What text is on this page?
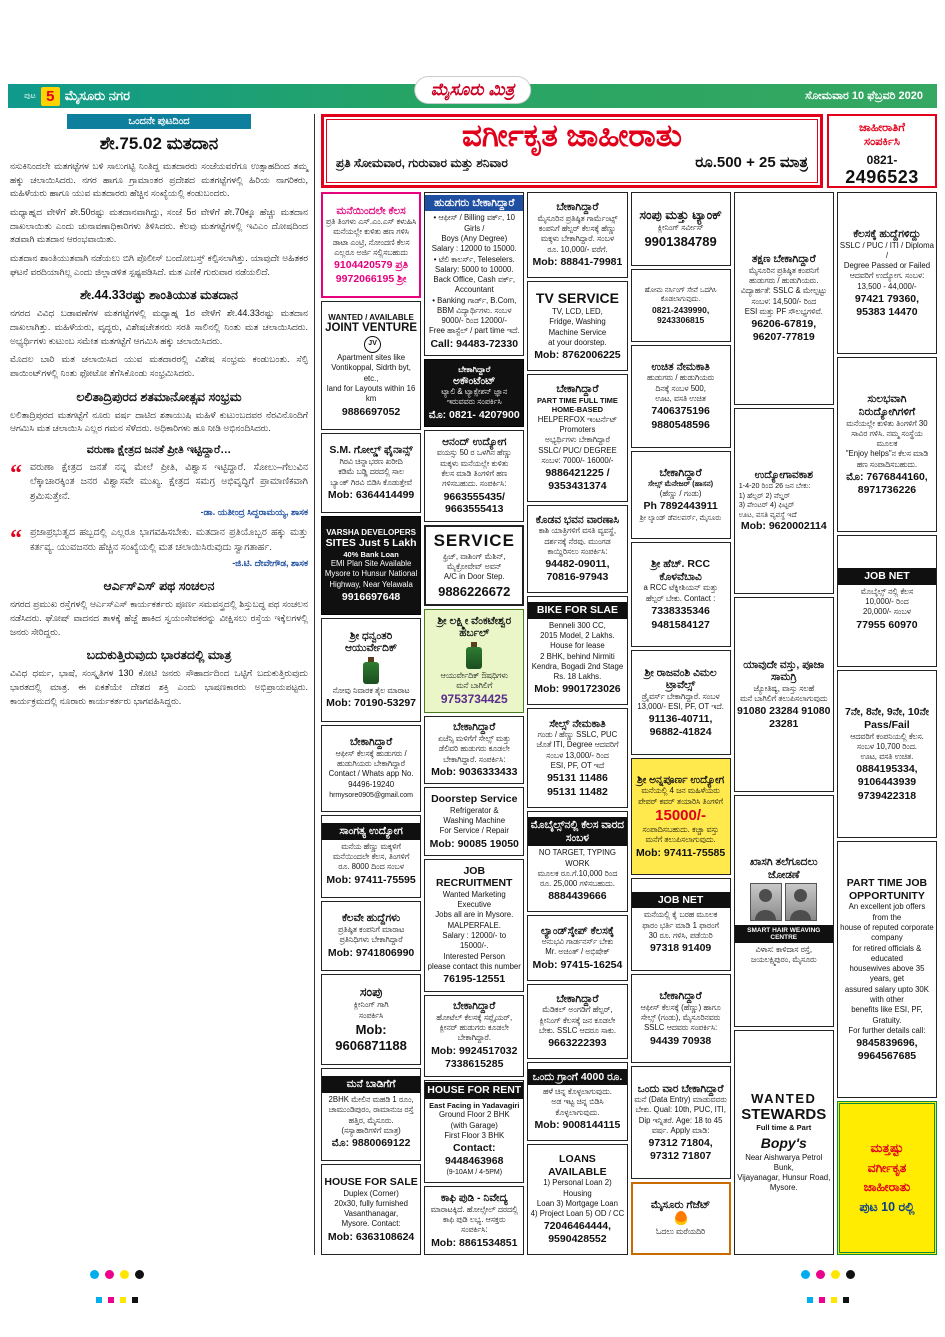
ಪುಟ 5 ಮೈಸೂರು ನಗರ	ಮೈಸೂರು ಮಿತ್ರ	ಸೋಮವಾರ 10 ಫೆಬ್ರವರಿ 2020
ಒಂದನೇ ಪುಟದಿಂದ
ಶೇ.75.02 ಮತದಾನ

ನಸುಕಿನಿಂದಲೇ ಮತಗಟ್ಟೆಗಳ ಬಳಿ ಸಾಲುಗಟ್ಟಿ ನಿಂತಿದ್ದ ಮತದಾರರು ಸಂಜೆಯವರೆಗೂ ಉತ್ಸಾಹದಿಂದ ತಮ್ಮ ಹಕ್ಕು ಚಲಾಯಿಸಿದರು. ನಗರ ಹಾಗೂ ಗ್ರಾಮಾಂತರ ಪ್ರದೇಶದ ಮತಗಟ್ಟೆಗಳಲ್ಲಿ ಹಿರಿಯ ನಾಗರಿಕರು, ಮಹಿಳೆಯರು ಹಾಗೂ ಯುವ ಮತದಾರರು ಹೆಚ್ಚಿನ ಸಂಖ್ಯೆಯಲ್ಲಿ ಕಂಡುಬಂದರು.

ಮಧ್ಯಾಹ್ನದ ವೇಳೆಗೆ ಶೇ.50ರಷ್ಟು ಮತದಾನವಾಗಿದ್ದು, ಸಂಜೆ 5ರ ವೇಳೆಗೆ ಶೇ.70ಕ್ಕೂ ಹೆಚ್ಚು ಮತದಾನ ದಾಖಲಾಯಿತು ಎಂದು ಚುನಾವಣಾಧಿಕಾರಿಗಳು ತಿಳಿಸಿದರು. ಕೆಲವು ಮತಗಟ್ಟೆಗಳಲ್ಲಿ ಇವಿಎಂ ದೋಷದಿಂದ ತಡವಾಗಿ ಮತದಾನ ಆರಂಭವಾಯಿತು.

ಮತದಾನ ಶಾಂತಿಯುತವಾಗಿ ನಡೆಯಲು ಬಿಗಿ ಪೊಲೀಸ್ ಬಂದೋಬಸ್ತ್ ಕಲ್ಪಿಸಲಾಗಿತ್ತು. ಯಾವುದೇ ಅಹಿತಕರ ಘಟನೆ ವರದಿಯಾಗಿಲ್ಲ ಎಂದು ಜಿಲ್ಲಾಡಳಿತ ಸ್ಪಷ್ಟಪಡಿಸಿದೆ. ಮತ ಎಣಿಕೆ ಗುರುವಾರ ನಡೆಯಲಿದೆ.

ಶೇ.44.33ರಷ್ಟು ಶಾಂತಿಯುತ ಮತದಾನ

ನಗರದ ವಿವಿಧ ಬಡಾವಣೆಗಳ ಮತಗಟ್ಟೆಗಳಲ್ಲಿ ಮಧ್ಯಾಹ್ನ 1ರ ವೇಳೆಗೆ ಶೇ.44.33ರಷ್ಟು ಮತದಾನ ದಾಖಲಾಗಿತ್ತು. ಮಹಿಳೆಯರು, ವೃದ್ಧರು, ವಿಶೇಷಚೇತನರು ಸರತಿ ಸಾಲಿನಲ್ಲಿ ನಿಂತು ಮತ ಚಲಾಯಿಸಿದರು. ಅಭ್ಯರ್ಥಿಗಳು ಕುಟುಂಬ ಸಮೇತ ಮತಗಟ್ಟೆಗೆ ಆಗಮಿಸಿ ಹಕ್ಕು ಚಲಾಯಿಸಿದರು.

ಮೊದಲ ಬಾರಿ ಮತ ಚಲಾಯಿಸಿದ ಯುವ ಮತದಾರರಲ್ಲಿ ವಿಶೇಷ ಸಂಭ್ರಮ ಕಂಡುಬಂತು. ಸೆಲ್ಫಿ ಪಾಯಿಂಟ್‌ಗಳಲ್ಲಿ ನಿಂತು ಫೋಟೋ ತೆಗೆಸಿಕೊಂಡು ಸಂಭ್ರಮಿಸಿದರು.

ಲಲಿತಾದ್ರಿಪುರದ ಶತಮಾನೋತ್ಸವ ಸಂಭ್ರಮ

ಲಲಿತಾದ್ರಿಪುರದ ಮತಗಟ್ಟೆಗೆ ನೂರು ವರ್ಷ ದಾಟಿದ ಶತಾಯುಷಿ ಮಹಿಳೆ ಕುಟುಂಬದವರ ನೆರವಿನೊಂದಿಗೆ ಆಗಮಿಸಿ ಮತ ಚಲಾಯಿಸಿ ಎಲ್ಲರ ಗಮನ ಸೆಳೆದರು. ಅಧಿಕಾರಿಗಳು ಹೂ ನೀಡಿ ಅಭಿನಂದಿಸಿದರು.

ವರುಣಾ ಕ್ಷೇತ್ರದ ಜನತೆ ಪ್ರೀತಿ ಇಟ್ಟಿದ್ದಾರೆ…
“ ವರುಣಾ ಕ್ಷೇತ್ರದ ಜನತೆ ನನ್ನ ಮೇಲೆ ಪ್ರೀತಿ, ವಿಶ್ವಾಸ ಇಟ್ಟಿದ್ದಾರೆ. ಸೋಲು–ಗೆಲುವಿನ ಲೆಕ್ಕಾಚಾರಕ್ಕಿಂತ ಜನರ ವಿಶ್ವಾಸವೇ ಮುಖ್ಯ. ಕ್ಷೇತ್ರದ ಸಮಗ್ರ ಅಭಿವೃದ್ಧಿಗೆ ಪ್ರಾಮಾಣಿಕವಾಗಿ ಶ್ರಮಿಸುತ್ತೇನೆ.
-ಡಾ. ಯತೀಂದ್ರ ಸಿದ್ದರಾಮಯ್ಯ, ಶಾಸಕ
“ ಪ್ರಜಾಪ್ರಭುತ್ವದ ಹಬ್ಬದಲ್ಲಿ ಎಲ್ಲರೂ ಭಾಗವಹಿಸಬೇಕು. ಮತದಾನ ಪ್ರತಿಯೊಬ್ಬರ ಹಕ್ಕು ಮತ್ತು ಕರ್ತವ್ಯ. ಯುವಜನರು ಹೆಚ್ಚಿನ ಸಂಖ್ಯೆಯಲ್ಲಿ ಮತ ಚಲಾಯಿಸಿರುವುದು ಸ್ವಾಗತಾರ್ಹ.
-ಜಿ.ಟಿ. ದೇವೇಗೌಡ, ಶಾಸಕ
ಆರ್ಎಸ್ಎಸ್ ಪಥ ಸಂಚಲನ

ನಗರದ ಪ್ರಮುಖ ರಸ್ತೆಗಳಲ್ಲಿ ಆರ್ಎಸ್ಎಸ್ ಕಾರ್ಯಕರ್ತರು ಪೂರ್ಣ ಸಮವಸ್ತ್ರದಲ್ಲಿ ಶಿಸ್ತುಬದ್ಧ ಪಥ ಸಂಚಲನ ನಡೆಸಿದರು. ಘೋಷ್ ವಾದನದ ತಾಳಕ್ಕೆ ಹೆಜ್ಜೆ ಹಾಕಿದ ಸ್ವಯಂಸೇವಕರನ್ನು ವೀಕ್ಷಿಸಲು ರಸ್ತೆಯ ಇಕ್ಕೆಲಗಳಲ್ಲಿ ಜನರು ಸೇರಿದ್ದರು.

ಬದುಕುತ್ತಿರುವುದು ಭಾರತದಲ್ಲಿ ಮಾತ್ರ

ವಿವಿಧ ಧರ್ಮ, ಭಾಷೆ, ಸಂಸ್ಕೃತಿಗಳ 130 ಕೋಟಿ ಜನರು ಸೌಹಾರ್ದದಿಂದ ಒಟ್ಟಿಗೆ ಬದುಕುತ್ತಿರುವುದು ಭಾರತದಲ್ಲಿ ಮಾತ್ರ. ಈ ಏಕತೆಯೇ ದೇಶದ ಶಕ್ತಿ ಎಂದು ಭಾಷಣಕಾರರು ಅಭಿಪ್ರಾಯಪಟ್ಟರು. ಕಾರ್ಯಕ್ರಮದಲ್ಲಿ ನೂರಾರು ಕಾರ್ಯಕರ್ತರು ಭಾಗವಹಿಸಿದ್ದರು.

ವರ್ಗೀಕೃತ ಜಾಹೀರಾತು
ಪ್ರತಿ ಸೋಮವಾರ, ಗುರುವಾರ ಮತ್ತು ಶನಿವಾರ	ರೂ.500 + 25 ಮಾತ್ರ
ಜಾಹೀರಾತಿಗೆ
ಸಂಪರ್ಕಿಸಿ
0821-
2496523
ಮನೆಯಿಂದಲೇ ಕೆಲಸ
ಪ್ರತಿ ತಿಂಗಳು ಎಸ್.ಎಂ.ಎಸ್ ಕಳುಹಿಸಿ
ಮನೆಯಲ್ಲೇ ಕುಳಿತು ಹಣ ಗಳಿಸಿ
ಡಾಟಾ ಎಂಟ್ರಿ, ನೋಂದಣಿ ಕೆಲಸ
ಎಲ್ಲರೂ ಅರ್ಜಿ ಸಲ್ಲಿಸಬಹುದು
9104420579 ಪ್ರತಿ
9972066195 ಶ್ರೀ
WANTED / AVAILABLE
JOINT VENTUREJV
Apartment sites like
Vontikoppal, Sidrth byt, etc.,
land for Layouts within 16 km
9886697052
S.M. ಗೋಲ್ಡ್ ಫೈನಾನ್ಸ್
ಗಿರವಿ ಚಿನ್ನಾಭರಣ ಖರೀದಿ
ಕಡಿಮೆ ಬಡ್ಡಿ ದರದಲ್ಲಿ ಸಾಲ
ಬ್ಯಾಂಕ್ ಗಿರವಿ ಬಿಡಿಸಿ ಕೊಡುತ್ತೇವೆ
Mob: 6364414499
VARSHA DEVELOPERS
SITES Just 5 Lakh
40% Bank Loan
EMI Plan Site Available
Mysore to Hunsur National
Highway, Near Yelawala
9916697648
ಶ್ರೀ ಧನ್ವಂತರಿ ಆಯುರ್ವೇದಿಕ್
ನೋವು ನಿವಾರಕ ತೈಲ ಮಾರಾಟ
Mob: 70190-53297
ಬೇಕಾಗಿದ್ದಾರೆ
ಆಫೀಸ್ ಕೆಲಸಕ್ಕೆ ಹುಡುಗರು /
ಹುಡುಗಿಯರು ಬೇಕಾಗಿದ್ದಾರೆ
Contact / Whats app No.
94496-19240
hrmysore0905@gmail.com
ಸಾಂಗತ್ಯ ಉದ್ಯೋಗ
ಮನೆಯ ಹೆಣ್ಣು ಮಕ್ಕಳಿಗೆ
ಮನೆಯಿಂದಲೇ ಕೆಲಸ, ತಿಂಗಳಿಗೆ
ರೂ. 8000 ದಿಂದ ಸಂಬಳ
Mob: 97411-75595
ಕೆಲವೇ ಹುದ್ದೆಗಳು
ಪ್ರತಿಷ್ಠಿತ ಕಂಪನಿಗೆ ಮಾರಾಟ
ಪ್ರತಿನಿಧಿಗಳು ಬೇಕಾಗಿದ್ದಾರೆ
Mob: 9741806990
ಸಂಪು
ಕ್ಲೀನಿಂಗ್ ಗಾಗಿ
ಸಂಪರ್ಕಿಸಿ
Mob: 9606871188
ಮನೆ ಬಾಡಿಗೆಗೆ
2BHK ಮೇಲಿನ ಮಹಡಿ 1 ರೂಂ,
ಚಾಮುಂಡಿಪುರಂ, ರಾಮಾನುಜ ರಸ್ತೆ
ಹತ್ತಿರ, ಮೈಸೂರು.
(ಸಸ್ಯಾಹಾರಿಗಳಿಗೆ ಮಾತ್ರ)
ಮೊ: 9880069122
HOUSE FOR SALE
Duplex (Corner)
20x30, fully furnished
Vasanthanagar,
Mysore. Contact:
Mob: 6363108624
ಹುಡುಗರು ಬೇಕಾಗಿದ್ದಾರೆ
• ಆಫೀಸ್ / Billing ವರ್ಕ್, 10 Girls /
Boys (Any Degree)
Salary : 12000 to 15000.
• ಟೆಲಿ ಕಾಲರ್ಸ್, Teleselers.
Salary: 5000 to 10000.
Back Office, Cash ವರ್ಕ್,
Accountant
• Banking ಗಾರ್ಡ್, B.Com,
BBM ವಿದ್ಯಾರ್ಥಿಗಳು. ಸಂಬಳ
9000/- ರಿಂದ 12000/-
Free ಹಾಸ್ಟೆಲ್ / part time ಇದೆ.
Call: 94483-72330
ಬೇಕಾಗಿದ್ದಾರೆ
ಅಕೌಂಟೆಂಟ್
ಟ್ಯಾಲಿ & ಟ್ಯಾಕ್ಸೇಶನ್ ಜ್ಞಾನ
ಇರುವವರು ಸಂಪರ್ಕಿಸಿ
ಮೊ: 0821- 4207900
ಆನಂದ್ ಉದ್ಯೋಗ
ವಯಸ್ಸು 50 ರ ಒಳಗಿನ ಹೆಣ್ಣು
ಮಕ್ಕಳು ಮನೆಯಲ್ಲೇ ಕುಳಿತು
ಕೆಲಸ ಮಾಡಿ ತಿಂಗಳಿಗೆ ಹಣ
ಗಳಿಸಬಹುದು. ಸಂಪರ್ಕಿಸಿ:
9663555435/ 9663555413
SERVICE
ಫ್ರಿಜ್, ವಾಶಿಂಗ್ ಮೆಶಿನ್,
ಮೈಕ್ರೋವೇವ್ ಅವನ್
A/C in Door Step.
9886226672
ಶ್ರೀ ಲಕ್ಷ್ಮೀ ವೆಂಕಟೇಶ್ವರ ಹರ್ಬಲ್
ಆಯುರ್ವೇದಿಕ್ ಔಷಧಿಗಳು
ಮನೆ ಬಾಗಿಲಿಗೆ
9753734425
ಬೇಕಾಗಿದ್ದಾರೆ
ಏಜೆನ್ಸಿ ಮಳಿಗೆಗೆ ಸೇಲ್ಸ್ ಮತ್ತು
ಡೆಲಿವರಿ ಹುಡುಗರು ಕೂಡಲೇ
ಬೇಕಾಗಿದ್ದಾರೆ. ಸಂಪರ್ಕಿಸಿ:
Mob: 9036333433
Doorstep Service
Refrigerator &
Washing Machine
For Service / Repair
Mob: 90085 19050
JOB RECRUITMENT
Wanted Marketing Executive
Jobs all are in Mysore.
MALPERFALE.
Salary : 12000/- to 15000/-.
Interested Person
please contact this number
76195-12551
ಬೇಕಾಗಿದ್ದಾರೆ
ಹೋಟೆಲ್ ಕೆಲಸಕ್ಕೆ ಸಪ್ಲೈಯರ್,
ಕ್ಲೀನರ್ ಹುಡುಗರು ಕೂಡಲೇ
ಬೇಕಾಗಿದ್ದಾರೆ.
Mob: 9924517032
7338615285
HOUSE FOR RENT
East Facing in Yadavagiri
Ground Floor 2 BHK
(with Garage)
First Floor 3 BHK
Contact: 9448463968
(9-10AM / 4-5PM)
ಕಾಫಿ ಪುಡಿ - ನಿವೇದ್ಯ
ಮಾರಾಟಕ್ಕಿದೆ. ಹೋಲ್ಸೇಲ್ ದರದಲ್ಲಿ
ಕಾಫಿ ಪುಡಿ ಲಭ್ಯ. ಆಸಕ್ತರು
ಸಂಪರ್ಕಿಸಿ:
Mob: 8861534851
ಬೇಕಾಗಿದ್ದಾರೆ
ಮೈಸೂರಿನ ಪ್ರತಿಷ್ಠಿತ ಗಾರ್ಮೆಂಟ್ಸ್
ಕಂಪನಿಗೆ ಹೆಲ್ಪರ್ ಕೆಲಸಕ್ಕೆ ಹೆಣ್ಣು
ಮಕ್ಕಳು ಬೇಕಾಗಿದ್ದಾರೆ. ಸಂಬಳ
ರೂ. 10,000/- ವರೆಗೆ.
Mob: 88841-79981
TV SERVICE
TV, LCD, LED,
Fridge, Washing
Machine Service
at your doorstep.
Mob: 8762006225
ಬೇಕಾಗಿದ್ದಾರೆ
PART TIME FULL TIME HOME-BASED
HELPERFOX ಇಂಟರ್ನೆಟ್ Promoters
ಅಭ್ಯರ್ಥಿಗಳು ಬೇಕಾಗಿದ್ದಾರೆ
SSLC/ PUC/ DEGREE
ಸಂಬಳ: 7000/- 16000/-
9886421225 / 9353431374
ಕೊಡವ ಭವನ ವಾರಣಾಸಿ
ಕಾಶಿ ಯಾತ್ರಿಗಳಿಗೆ ವಸತಿ ವ್ಯವಸ್ಥೆ,
ದರ್ಶನಕ್ಕೆ ನೆರವು. ಮುಂಗಡ
ಕಾಯ್ದಿರಿಸಲು ಸಂಪರ್ಕಿಸಿ:
94482-09011, 70816-97943
BIKE FOR SLAE
Benneli 300 CC,
2015 Model, 2 Lakhs.
House for lease
2 BHK, behind Nirmiti
Kendra, Bogadi 2nd Stage
Rs. 18 Lakhs.
Mob: 9901723026
ಸೇಲ್ಸ್ ನೇಮಕಾತಿ
ಗಂಡು / ಹೆಣ್ಣು SSLC, PUC
ಜೊತೆ ITI, Degree ಆದವರಿಗೆ
ಸಂಬಳ 13,000/- ರಿಂದ
ESI, PF, OT ಇದೆ
95131 11486
95131 11482
ಮೊಬೈಲ್ಸ್‌ನಲ್ಲಿ ಕೆಲಸ ವಾರದ ಸಂಬಳ
NO TARGET, TYPING WORK
ಮೂಲಕ ರೂ.ಗೆ.10,000 ರಿಂದ
ರೂ. 25,000 ಗಳಿಸಬಹುದು.
8884439666
ಲ್ಯಾಂಡ್‌ಸ್ಕೇಪ್ ಕೆಲಸಕ್ಕೆ
ಅನುಭವಿ ಗಾರ್ಡನರ್ಸ್ ಬೇಕು
Mr. ಅಚಿಂತ್ / ಅಭಿಷೇಕ್
Mob: 97415-16254
ಬೇಕಾಗಿದ್ದಾರೆ
ಮೆಡಿಕಲ್ ಅಂಗಡಿಗೆ ಹೆಲ್ಪರ್,
ಕ್ಲೀನಿಂಗ್ ಕೆಲಸಕ್ಕೆ ಜನ ಕೂಡಲೇ
ಬೇಕು. SSLC ಆದರೂ ಸಾಕು.
9663222393
ಒಂದು ಗ್ರಾಂಗೆ 4000 ರೂ.
ಹಳೆ ಚಿನ್ನ ಕೊಳ್ಳಲಾಗುವುದು.
ಅಡ ಇಟ್ಟ ಚಿನ್ನ ಬಿಡಿಸಿ
ಕೊಳ್ಳಲಾಗುವುದು.
Mob: 9008144115
LOANS AVAILABLE
1) Personal Loan 2) Housing
Loan 3) Mortgage Loan
4) Project Loan 5) OD / CC
72046464444, 9590428552
ಸಂಪು ಮತ್ತು ಟ್ಯಾಂಕ್
ಕ್ಲೀನಿಂಗ್ ಸರ್ವೀಸ್
9901384789
ಹೋಮ ನರ್ಸಿಂಗ್ ಸೇವೆ ಒದಗಿಸಿ
ಕೊಡಲಾಗುವುದು.
0821-2439990, 9243306815
ಉಚಿತ ನೇಮಕಾತಿ
ಹುಡುಗರು / ಹುಡುಗಿಯರು
ದಿನಕ್ಕೆ ಸಂಬಳ 500,
ಊಟ, ವಸತಿ ಉಚಿತ
7406375196
9880548596
ಬೇಕಾಗಿದ್ದಾರೆ
ಸೇಲ್ಸ್ ಮೆನೇಜರ್ (ಹಾಸನ)
(ಹೆಣ್ಣು / ಗಂಡು)
Ph 7892443911
ಶ್ರೀ ಲ್ಯಾಂಡ್ ಡೆವಲಪರ್ಸ್, ಮೈಸೂರು
ಶ್ರೀ ಹೆಚ್. RCC ಕೊಳವೆಬಾವಿ
a RCC ಟೆಕ್ನೀಶಿಯನ್ ಮತ್ತು
ಹೆಲ್ಪರ್ ಬೇಕು. Contact :
7338335346
9481584127
ಶ್ರೀ ರಾಜವಂಶಿ ವಿಮಲ ಟ್ರಾವೆಲ್ಸ್
ಡ್ರೈವರ್ಸ್ ಬೇಕಾಗಿದ್ದಾರೆ. ಸಂಬಳ
13,000/- ESI, PF, OT ಇದೆ.
91136-40711, 96882-41824
ಶ್ರೀ ಅನ್ನಪೂರ್ಣ ಉದ್ಯೋಗ
ಮನೆಯಲ್ಲಿ 4 ಜನ ಮಹಿಳೆಯರು
ಪೇಪರ್ ಕವರ್ ತಯಾರಿಸಿ ತಿಂಗಳಿಗೆ
15000/-
ಸಂಪಾದಿಸಬಹುದು. ಕಚ್ಚಾ ವಸ್ತು
ಮನೆಗೆ ತಲುಪಿಸಲಾಗುವುದು.
Mob: 97411-75585
JOB NET
ಮನೆಯಲ್ಲಿ ಕೈ ಬರಹ ಮೂಲಕ
ಫಾರಂ ಭರ್ತಿ ಮಾಡಿ 1 ಫಾರಂಗೆ
30 ರೂ. ಗಳಿಸಿ, ಪಡೆಯಿರಿ
97318 91409
ಬೇಕಾಗಿದ್ದಾರೆ
ಆಫೀಸ್ ಕೆಲಸಕ್ಕೆ (ಹೆಣ್ಣು) ಹಾಗೂ
ಸೇಲ್ಸ್ (ಗಂಡು), ಮೈಸೂರಿನವರು
SSLC ಆದವರು ಸಂಪರ್ಕಿಸಿ:
94439 70938
ಒಂದು ವಾರ ಬೇಕಾಗಿದ್ದಾರೆ
ಮನೆ (Data Entry) ಮಾಡುವವರು
ಬೇಕು. Qual: 10th, PUC, ITI,
Dip ಇನ್ನಿತರೆ. Age: 18 to 45
ವರ್ಷ. Apply ಮಾಡಿ:
97312 71804, 97312 71807
ಮೈಸೂರು ಗೆಜೆಟ್
ಓದಲು ಮರೆಯದಿರಿ
ತಕ್ಷಣ ಬೇಕಾಗಿದ್ದಾರೆ
ಮೈಸೂರಿನ ಪ್ರತಿಷ್ಠಿತ ಕಂಪನಿಗೆ
ಹುಡುಗರು / ಹುಡುಗಿಯರು.
ವಿದ್ಯಾರ್ಹತೆ: SSLC & ಮೇಲ್ಪಟ್ಟು
ಸಂಬಳ: 14,500/- ರಿಂದ
ESI ಮತ್ತು PF ಸೌಲಭ್ಯಗಳಿವೆ.
96206-67819, 96207-77819
ಉದ್ಯೋಗಾವಕಾಶ
1-4-20 ರಿಂದ 26 ಜನ ಬೇಕು:
1) ಹೆಲ್ಪರ್ 2) ವೆಲ್ಡರ್
3) ಪೇಂಟರ್ 4) ಫಿಟ್ಟರ್
ಊಟ, ವಸತಿ ವ್ಯವಸ್ಥೆ ಇದೆ
Mob: 9620002114
ಯಾವುದೇ ವಸ್ತು, ಪೂಜಾ ಸಾಮಗ್ರಿ
ಜ್ಯೋತಿಷ್ಯ, ವಾಸ್ತು ಸಲಹೆ
ಮನೆ ಬಾಗಿಲಿಗೆ ತಲುಪಿಸಲಾಗುವುದು
91080 23284 91080 23281
ಖಾಸಗಿ ತಲೆಗೂದಲು ಜೋಡಣೆ
SMART HAIR WEAVING CENTRE
ವಿಳಾಸ: ಕಾಳಿದಾಸ ರಸ್ತೆ, ಜಯಲಕ್ಷ್ಮಿಪುರಂ, ಮೈಸೂರು
WANTED
STEWARDS
Full time & Part
Bopy's
Near Aishwarya Petrol Bunk,
Vijayanagar, Hunsur Road,
Mysore.
ಕೆಲಸಕ್ಕೆ ಹುದ್ದೆಗಳಿದ್ದು
SSLC / PUC / ITI / Diploma /
Degree Passed or Failed
ಆದವರಿಗೆ ಉದ್ಯೋಗ. ಸಂಬಳ:
13,500 - 44,000/-
97421 79360, 95383 14470
ಸುಲಭವಾಗಿ ನಿರುದ್ಯೋಗಿಗಳಿಗೆ
ಮನೆಯಲ್ಲೇ ಕುಳಿತು ತಿಂಗಳಿಗೆ 30
ಸಾವಿರ ಗಳಿಸಿ. ನಮ್ಮ ಸಂಸ್ಥೆಯ ಮೂಲಕ
"Enjoy helps"ನ ಕೆಲಸ ಮಾಡಿ
ಹಣ ಸಂಪಾದಿಸಬಹುದು.
ಮೊ: 7676844160, 8971736226
JOB NET
ಮೊಬೈಲ್ಸ್ ನಲ್ಲಿ ಕೆಲಸ
10,000/- ರಿಂದ
20,000/- ಸಂಬಳ
77955 60970
7ನೇ, 8ನೇ, 9ನೇ, 10ನೇ Pass/Fail
ಆದವರಿಗೆ ಕಂಪನಿಯಲ್ಲಿ ಕೆಲಸ.
ಸಂಬಳ 10,700 ರಿಂದ.
ಊಟ, ವಸತಿ ಉಚಿತ.
0884195334, 9106443939
9739422318
PART TIME JOB OPPORTUNITY
An excellent job offers from the
house of reputed corporate company
for retired officials & educated
housewives above 35 years, get
assured salary upto 30K with other
benefits like ESI, PF, Gratuity.
For further details call:
9845839696, 9964567685
ಮತ್ತಷ್ಟು
ವರ್ಗೀಕೃತ
ಜಾಹೀರಾತು
ಪುಟ 10 ರಲ್ಲಿ
